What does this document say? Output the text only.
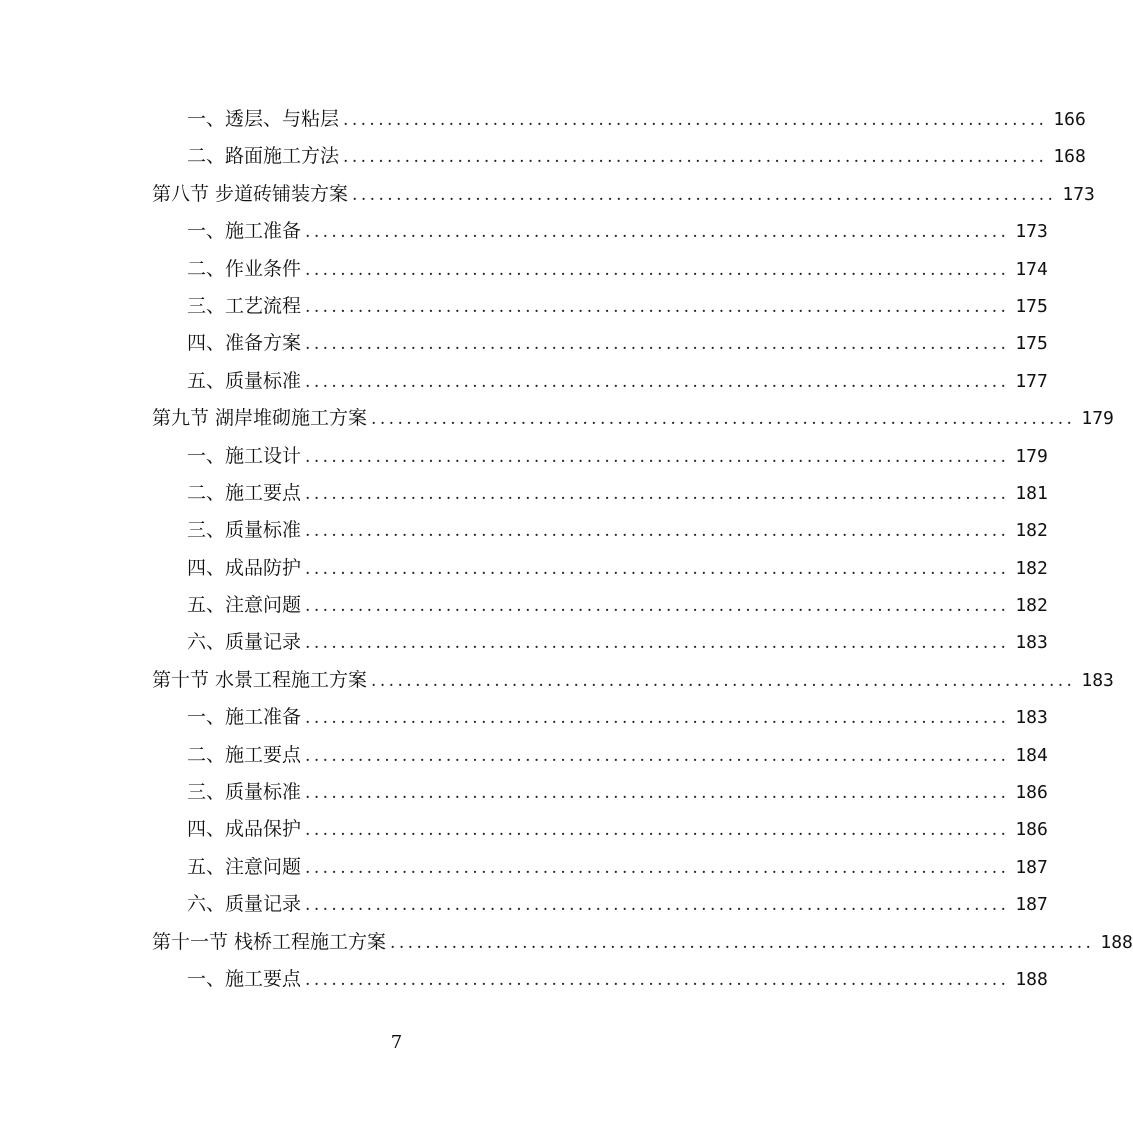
一、透层、与粘层 ................................................................................ 166
二、路面施工方法 ................................................................................ 168
第八节 步道砖铺装方案 ................................................................................ 173
一、施工准备 ................................................................................ 173
二、作业条件 ................................................................................ 174
三、工艺流程 ................................................................................ 175
四、准备方案 ................................................................................ 175
五、质量标准 ................................................................................ 177
第九节 湖岸堆砌施工方案 ................................................................................ 179
一、施工设计 ................................................................................ 179
二、施工要点 ................................................................................ 181
三、质量标准 ................................................................................ 182
四、成品防护 ................................................................................ 182
五、注意问题 ................................................................................ 182
六、质量记录 ................................................................................ 183
第十节 水景工程施工方案 ................................................................................ 183
一、施工准备 ................................................................................ 183
二、施工要点 ................................................................................ 184
三、质量标准 ................................................................................ 186
四、成品保护 ................................................................................ 186
五、注意问题 ................................................................................ 187
六、质量记录 ................................................................................ 187
第十一节 栈桥工程施工方案 ................................................................................ 188
一、施工要点 ................................................................................ 188
7
